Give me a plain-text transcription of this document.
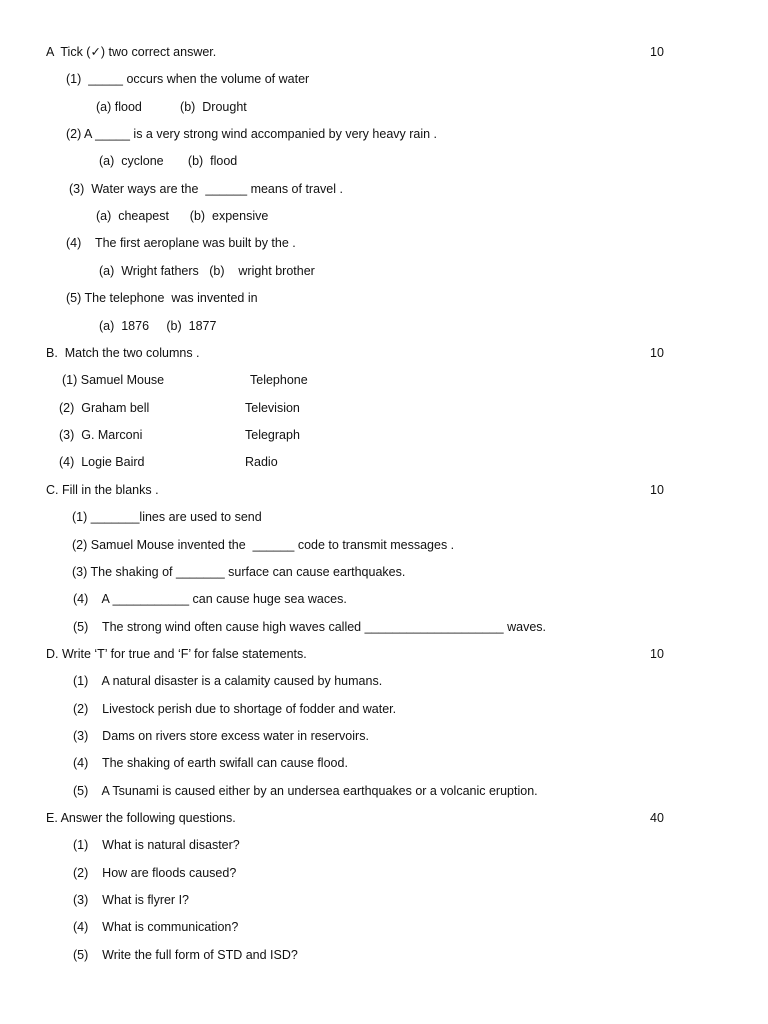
A  Tick (✓) two correct answer.	10
(1)  _____ occurs when the volume of water
(a) flood           (b)  Drought
(2) A _____ is a very strong wind accompanied by very heavy rain .
(a)  cyclone       (b)  flood
(3)  Water ways are the  ______ means of travel .
(a)  cheapest      (b)  expensive
(4)    The first aeroplane was built by the .
(a)  Wright fathers   (b)    wright brother
(5) The telephone  was invented in
(a)  1876     (b)  1877
B.  Match the two columns .	10
(1) Samuel Mouse	Telephone
(2)  Graham bell	Television
(3)  G. Marconi	Telegraph
(4)  Logie Baird	Radio
C. Fill in the blanks .	10
(1) _______lines are used to send
(2) Samuel Mouse invented the  ______ code to transmit messages .
(3) The shaking of _______ surface can cause earthquakes.
(4)    A ___________ can cause huge sea waces.
(5)    The strong wind often cause high waves called ____________________ waves.
D. Write ‘T’ for true and ‘F’ for false statements.	10
(1)    A natural disaster is a calamity caused by humans.
(2)    Livestock perish due to shortage of fodder and water.
(3)    Dams on rivers store excess water in reservoirs.
(4)    The shaking of earth swifall can cause flood.
(5)    A Tsunami is caused either by an undersea earthquakes or a volcanic eruption.
E. Answer the following questions.	40
(1)    What is natural disaster?
(2)    How are floods caused?
(3)    What is flyrer I?
(4)    What is communication?
(5)    Write the full form of STD and ISD?
